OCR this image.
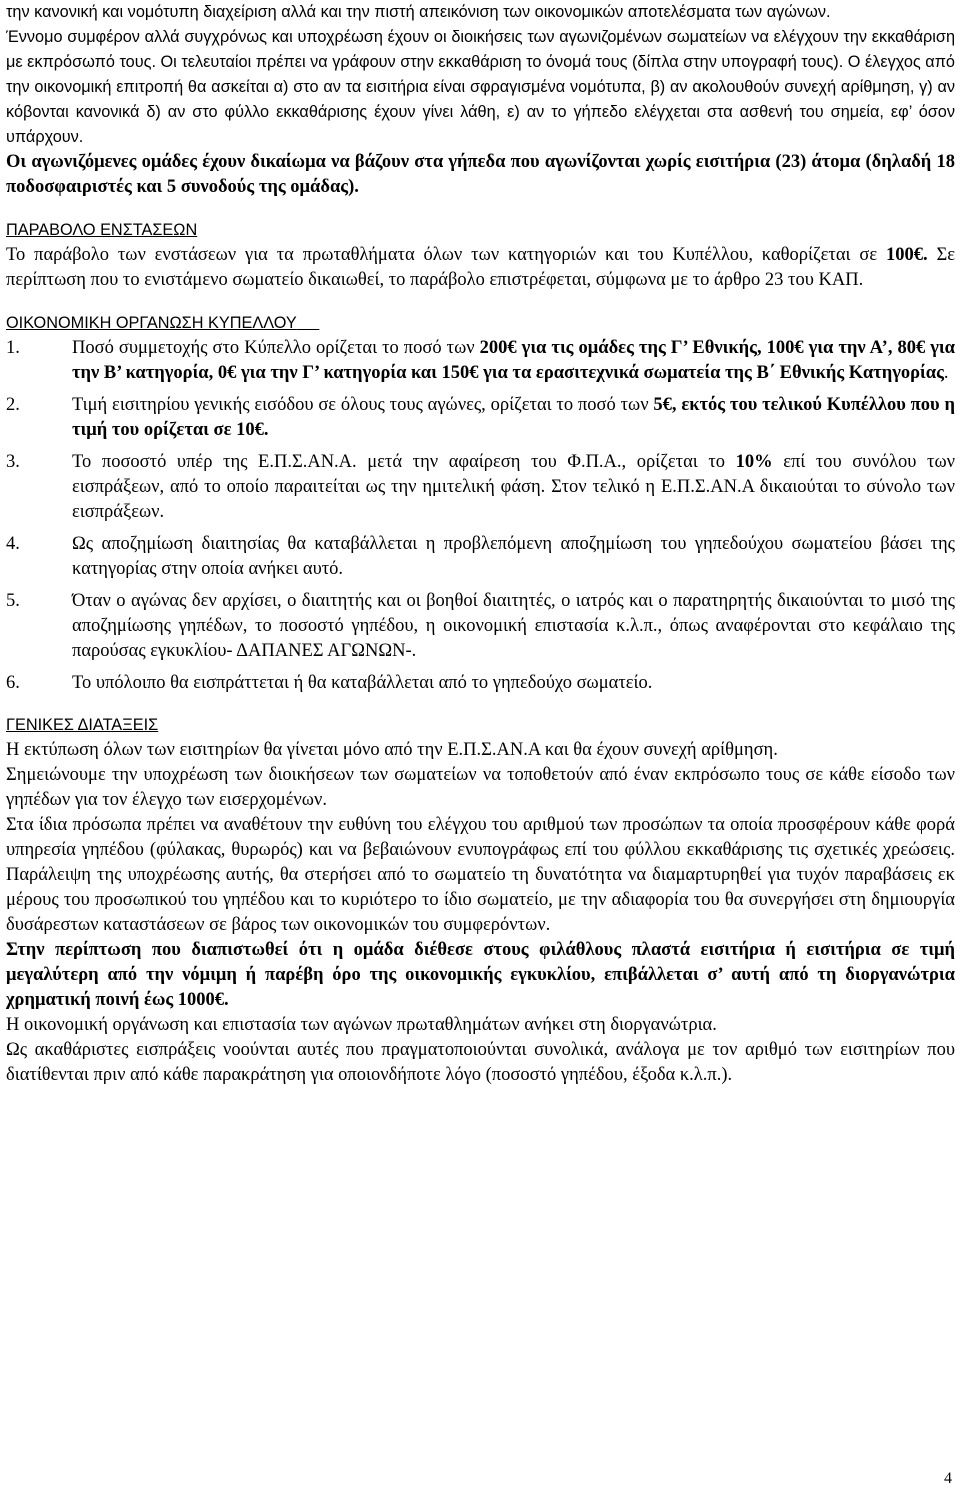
την κανονική και νομότυπη διαχείριση αλλά και την πιστή απεικόνιση των οικονομικών αποτελέσματα των αγώνων.

Έννομο συμφέρον αλλά συγχρόνως και υποχρέωση έχουν οι διοικήσεις των αγωνιζομένων σωματείων να ελέγχουν την εκκαθάριση με εκπρόσωπό τους. Οι τελευταίοι πρέπει να γράφουν στην εκκαθάριση το όνομά τους (δίπλα στην υπογραφή τους). Ο έλεγχος από την οικονομική επιτροπή θα ασκείται α) στο αν τα εισιτήρια είναι σφραγισμένα νομότυπα, β) αν ακολουθούν συνεχή αρίθμηση, γ) αν κόβονται κανονικά δ) αν στο φύλλο εκκαθάρισης έχουν γίνει λάθη, ε) αν το γήπεδο ελέγχεται στα ασθενή του σημεία, εφ’ όσον υπάρχουν.

Οι αγωνιζόμενες ομάδες έχουν δικαίωμα να βάζουν στα γήπεδα που αγωνίζονται χωρίς εισιτήρια (23) άτομα (δηλαδή 18 ποδοσφαιριστές και 5 συνοδούς της ομάδας).

ΠΑΡΑΒΟΛΟ ΕΝΣΤΑΣΕΩΝ

Το παράβολο των ενστάσεων για τα πρωταθλήματα όλων των κατηγοριών και του Κυπέλλου, καθορίζεται σε 100€. Σε περίπτωση που το ενιστάμενο σωματείο δικαιωθεί, το παράβολο επιστρέφεται, σύμφωνα με το άρθρο 23 του ΚΑΠ.

ΟΙΚΟΝΟΜΙΚΗ ΟΡΓΑΝΩΣΗ ΚΥΠΕΛΛΟΥ

1.	Ποσό συμμετοχής στο Κύπελλο ορίζεται το ποσό των 200€ για τις ομάδες της Γ’ Εθνικής, 100€ για την Α’, 80€ για την Β’ κατηγορία, 0€ για την Γ’ κατηγορία και 150€ για τα ερασιτεχνικά σωματεία της Β΄ Εθνικής Κατηγορίας.
2.	Τιμή εισιτηρίου γενικής εισόδου σε όλους τους αγώνες, ορίζεται το ποσό των 5€, εκτός του τελικού Κυπέλλου που η τιμή του ορίζεται σε 10€.
3.	Το ποσοστό υπέρ της Ε.Π.Σ.ΑΝ.Α. μετά την αφαίρεση του Φ.Π.Α., ορίζεται το 10% επί του συνόλου των εισπράξεων, από το οποίο παραιτείται ως την ημιτελική φάση. Στον τελικό η Ε.Π.Σ.ΑΝ.Α δικαιούται το σύνολο των εισπράξεων.
4.	Ως αποζημίωση διαιτησίας θα καταβάλλεται η προβλεπόμενη αποζημίωση του γηπεδούχου σωματείου βάσει της κατηγορίας στην οποία ανήκει αυτό.
5.	Όταν ο αγώνας δεν αρχίσει, ο διαιτητής και οι βοηθοί διαιτητές, ο ιατρός και ο παρατηρητής δικαιούνται το μισό της αποζημίωσης γηπέδων, το ποσοστό γηπέδου, η οικονομική επιστασία κ.λ.π., όπως αναφέρονται στο κεφάλαιο της παρούσας εγκυκλίου- ΔΑΠΑΝΕΣ ΑΓΩΝΩΝ-.
6.	Το υπόλοιπο θα εισπράττεται ή θα καταβάλλεται από το γηπεδούχο σωματείο.

ΓΕΝΙΚΕΣ ΔΙΑΤΑΞΕΙΣ

Η εκτύπωση όλων των εισιτηρίων θα γίνεται μόνο από την Ε.Π.Σ.ΑΝ.Α και θα έχουν συνεχή αρίθμηση.

Σημειώνουμε την υποχρέωση των διοικήσεων των σωματείων να τοποθετούν από έναν εκπρόσωπο τους σε κάθε είσοδο των γηπέδων για τον έλεγχο των εισερχομένων.

Στα ίδια πρόσωπα πρέπει να αναθέτουν την ευθύνη του ελέγχου του αριθμού των προσώπων τα οποία προσφέρουν κάθε φορά υπηρεσία γηπέδου (φύλακας, θυρωρός) και να βεβαιώνουν ενυπογράφως επί του φύλλου εκκαθάρισης τις σχετικές χρεώσεις. Παράλειψη της υποχρέωσης αυτής, θα στερήσει από το σωματείο τη δυνατότητα να διαμαρτυρηθεί για τυχόν παραβάσεις εκ μέρους του προσωπικού του γηπέδου και το κυριότερο το ίδιο σωματείο, με την αδιαφορία του θα συνεργήσει στη δημιουργία δυσάρεστων καταστάσεων σε βάρος των οικονομικών του συμφερόντων.

Στην περίπτωση που διαπιστωθεί ότι η ομάδα διέθεσε στους φιλάθλους πλαστά εισιτήρια ή εισιτήρια σε τιμή μεγαλύτερη από την νόμιμη ή παρέβη όρο της οικονομικής εγκυκλίου, επιβάλλεται σ’ αυτή από τη διοργανώτρια χρηματική ποινή έως 1000€.

Η οικονομική οργάνωση και επιστασία των αγώνων πρωταθλημάτων ανήκει στη διοργανώτρια.

Ως ακαθάριστες εισπράξεις νοούνται αυτές που πραγματοποιούνται συνολικά, ανάλογα με τον αριθμό των εισιτηρίων που διατίθενται πριν από κάθε παρακράτηση για οποιονδήποτε λόγο (ποσοστό γηπέδου, έξοδα κ.λ.π.).

4
